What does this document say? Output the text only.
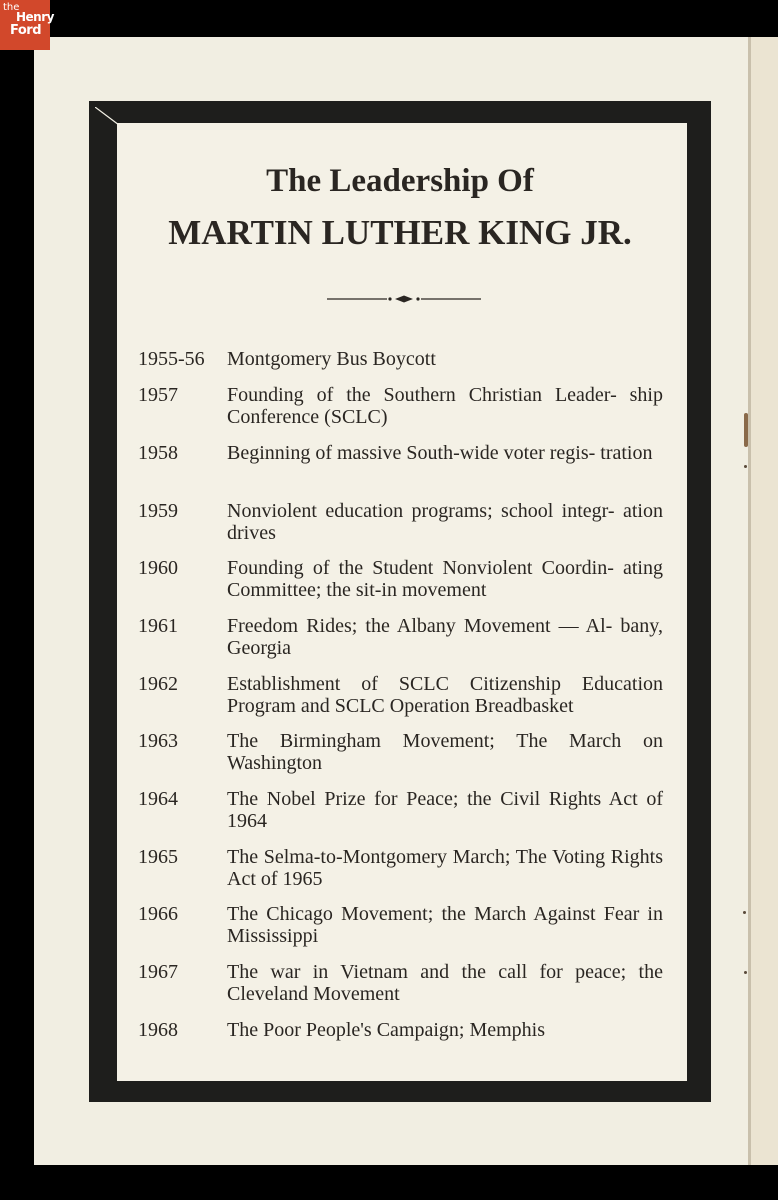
the
Henry
Ford
The Leadership Of
MARTIN LUTHER KING JR.
1955-56 Montgomery Bus Boycott
1957 Founding of the Southern Christian Leader- ship Conference (SCLC)
1958 Beginning of massive South-wide voter regis- tration
1959 Nonviolent education programs; school integr- ation drives
1960 Founding of the Student Nonviolent Coordin- ating Committee; the sit-in movement
1961 Freedom Rides; the Albany Movement — Al- bany, Georgia
1962 Establishment of SCLC Citizenship Education Program and SCLC Operation Breadbasket
1963 The Birmingham Movement; The March on Washington
1964 The Nobel Prize for Peace; the Civil Rights Act of 1964
1965 The Selma-to-Montgomery March; The Voting Rights Act of 1965
1966 The Chicago Movement; the March Against Fear in Mississippi
1967 The war in Vietnam and the call for peace; the Cleveland Movement
1968 The Poor People's Campaign; Memphis
